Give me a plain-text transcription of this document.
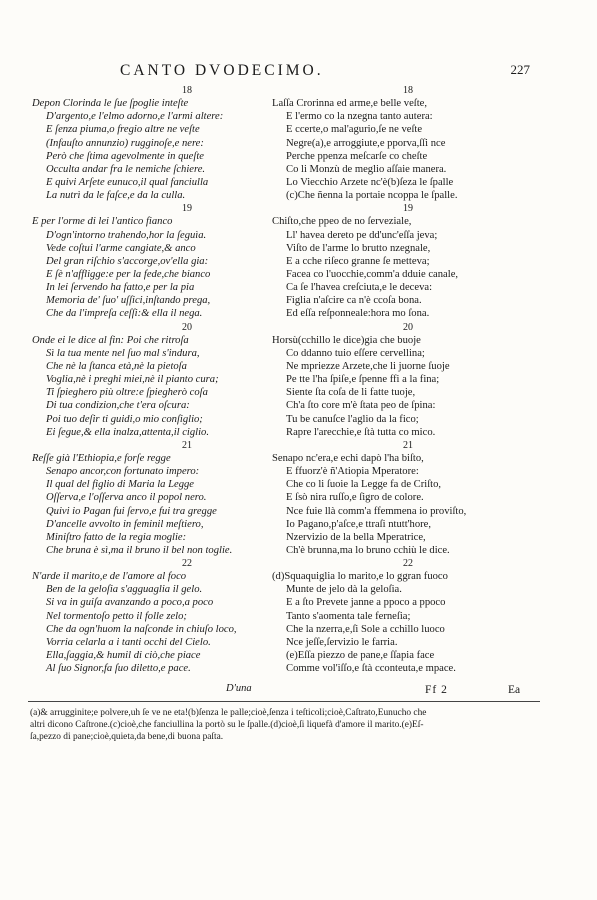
CANTO DVODECIMO.	227
18
Depon Clorinda le ſue ſpoglie inteſte
D'argento,e l'elmo adorno,e l'armi altere:
E ſenza piuma,o fregio altre ne veſte
(Infauſto annunzio) rugginoſe,e nere:
Però che ſtima agevolmente in queſte
Occulta andar fra le nemiche ſchiere.
E quivi Arſete eunuco,il qual fanciulla
La nutrì da le faſce,e da la culla.
19
E per l'orme di lei l'antico fianco
D'ogn'intorno trahendo,hor la ſeguìa.
Vede coſtui l'arme cangiate,& anco
Del gran riſchio s'accorge,ov'ella gia:
E ſè n'affligge:e per la fede,che bianco
In lei ſervendo ha fatto,e per la pia
Memoria de' ſuo' uſſici,inſtando prega,
Che da l'impreſa ceſſi:& ella il nega.
20
Onde ei le dice al fin: Poi che ritroſa
Sì la tua mente nel ſuo mal s'indura,
Che nè la ſtanca età,nè la pietoſa
Voglia,nè i preghi miei,nè il pianto cura;
Ti ſpieghero più oltre:e ſpiegherò coſa
Di tua condizion,che t'era oſcura:
Poi tuo deſir ti guidi,o mio conſiglio;
Ei ſegue,& ella inalza,attenta,il ciglio.
21
Reſſe già l'Ethiopia,e forſe regge
Senapo ancor,con fortunato impero:
Il qual del figlio di Maria la Legge
Oſſerva,e l'oſſerva anco il popol nero.
Quivi io Pagan fui ſervo,e fui tra gregge
D'ancelle avvolto in feminil meſtiero,
Miniſtro fatto de la regia moglie:
Che bruna è sì,ma il bruno il bel non toglie.
22
N'arde il marito,e de l'amore al foco
Ben de la geloſia s'agguaglia il gelo.
Si va in guiſa avanzando a poco,a poco
Nel tormentoſo petto il folle zelo;
Che da ogn'huom la naſconde in chiuſo loco,
Vorria celarla a i tanti occhi del Cielo.
Ella,ſaggia,& humil di ciò,che piace
Al ſuo Signor,fa ſuo diletto,e pace.
18
Laſſa Crorinna ed arme,e belle veſte,
E l'ermo co la nzegna tanto autera:
E ccerte,o mal'agurio,ſe ne veſte
Negre(a),e arroggiute,e pporva,ſſi nce
Perche ppenza meſcarſe co cheſte
Co li Monzù de meglio aſſaie manera.
Lo Viecchio Arzete nc'è(b)ſeza le ſpalle
(c)Che ñenna la portaie ncoppa le ſpalle.
19
Chiſto,che ppeo de no ſerveziale,
Ll' havea dereto pe dd'unc'eſſa jeva;
Viſto de l'arme lo brutto nzegnale,
E a cche riſeco granne ſe metteva;
Facea co l'uocchie,comm'a dduie canale,
Ca ſe l'havea creſciuta,e le deceva:
Figlia n'aſcire ca n'è ccoſa bona.
Ed eſſa reſponneale:hora mo ſona.
20
Horsù(cchillo le dice)gia che buoje
Co ddanno tuio eſſere cervellina;
Ne mpriezze Arzete,che li juorne ſuoje
Pe tte l'ha ſpiſe,e ſpenne ffi a la fina;
Siente ſta coſa de li fatte tuoje,
Ch'a ſto core m'è ſtata peo de ſpina:
Tu be canuſce l'aglio da la fico;
Rapre l'arecchie,e ſtà tutta co mico.
21
Senapo nc'era,e echi dapò l'ha biſto,
E ffuorz'è ñ'Atiopia Mperatore:
Che co li ſuoie la Legge fa de Criſto,
E ſsò nira ruſſo,e ſigro de colore.
Nce fuie llà comm'a ffemmena io proviſto,
Io Pagano,p'aſce,e ttraſi ntutt'hore,
Nzervizio de la bella Mperatrice,
Ch'è brunna,ma lo bruno cchiù le dice.
22
(d)Squaquiglia lo marito,e lo ggran fuoco
Munte de jelo dà la geloſia.
E a ſto Prevete janne a ppoco a ppoco
Tanto s'aomenta tale ferneſia;
Che la nzerra,e,ſi Sole a cchillo luoco
Nce jeſſe,ſervizio le farria.
(e)Eſſa piezzo de pane,e ſſapia face
Comme vol'iſſo,e ſtà cconteuta,e mpace.
D'una	Ff 2	Ea
(a)& arrugginite;e polvere,uh ſe ve ne eta!(b)ſenza le palle;cioè,ſenza i teſticoli;cioè,Caſtrato,Eunucho che
altri dicono Caſtrone.(c)cioè,che fanciullina la portò su le ſpalle.(d)cioè,ſi liquefà d'amore il marito.(e)Eſ-
ſa,pezzo di pane;cioè,quieta,da bene,di buona paſta.
